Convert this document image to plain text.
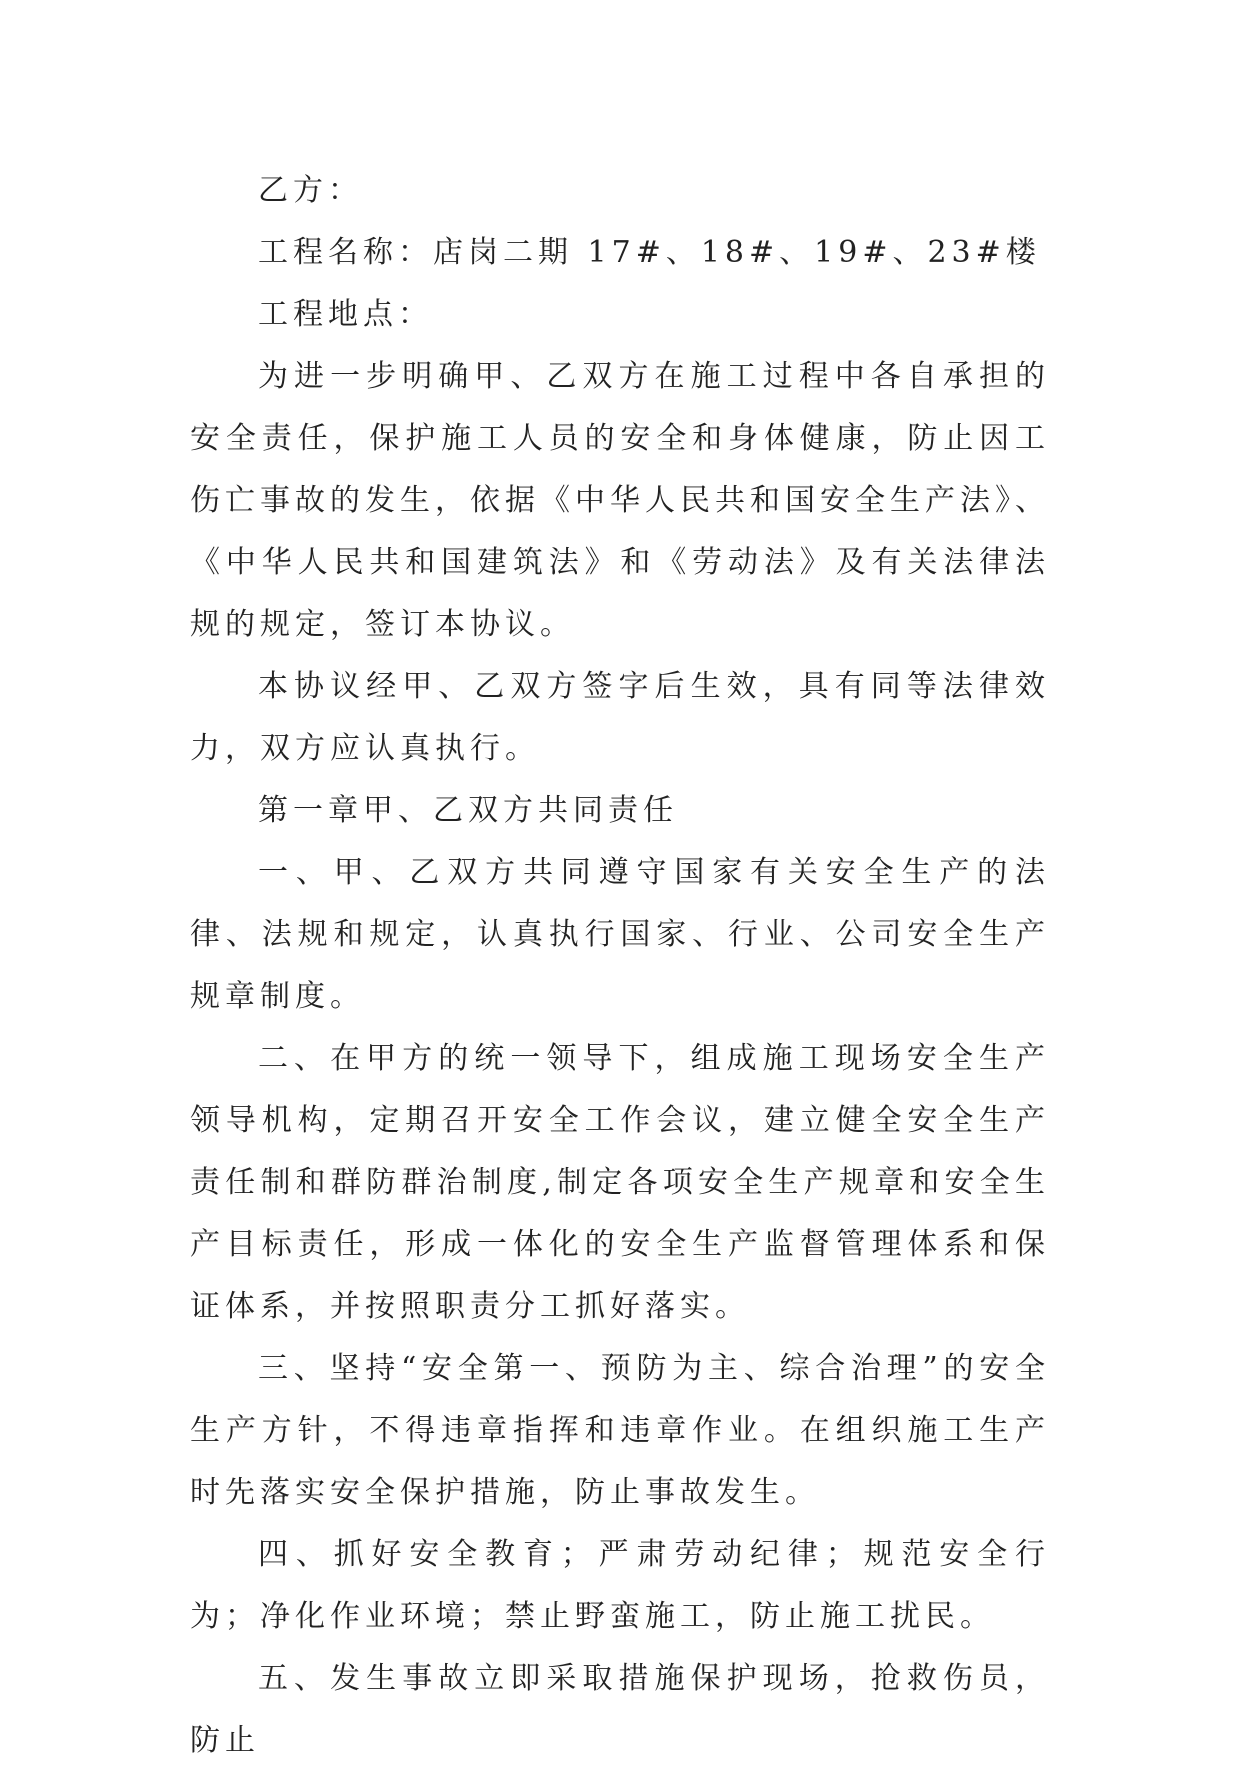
乙方：

工程名称：店岗二期 17#、18#、19#、23#楼

工程地点：

为进一步明确甲、乙双方在施工过程中各自承担的安全责任，保护施工人员的安全和身体健康，防止因工伤亡事故的发生，依据《中华人民共和国安全生产法》、《中华人民共和国建筑法》和《劳动法》及有关法律法规的规定，签订本协议。

本协议经甲、乙双方签字后生效，具有同等法律效力，双方应认真执行。

第一章甲、乙双方共同责任

一、甲、乙双方共同遵守国家有关安全生产的法律、法规和规定，认真执行国家、行业、公司安全生产规章制度。

二、在甲方的统一领导下，组成施工现场安全生产领导机构，定期召开安全工作会议，建立健全安全生产责任制和群防群治制度,制定各项安全生产规章和安全生产目标责任，形成一体化的安全生产监督管理体系和保证体系，并按照职责分工抓好落实。

三、坚持“安全第一、预防为主、综合治理”的安全生产方针，不得违章指挥和违章作业。在组织施工生产时先落实安全保护措施，防止事故发生。

四、抓好安全教育；严肃劳动纪律；规范安全行为；净化作业环境；禁止野蛮施工，防止施工扰民。

五、发生事故立即采取措施保护现场，抢救伤员，防止
